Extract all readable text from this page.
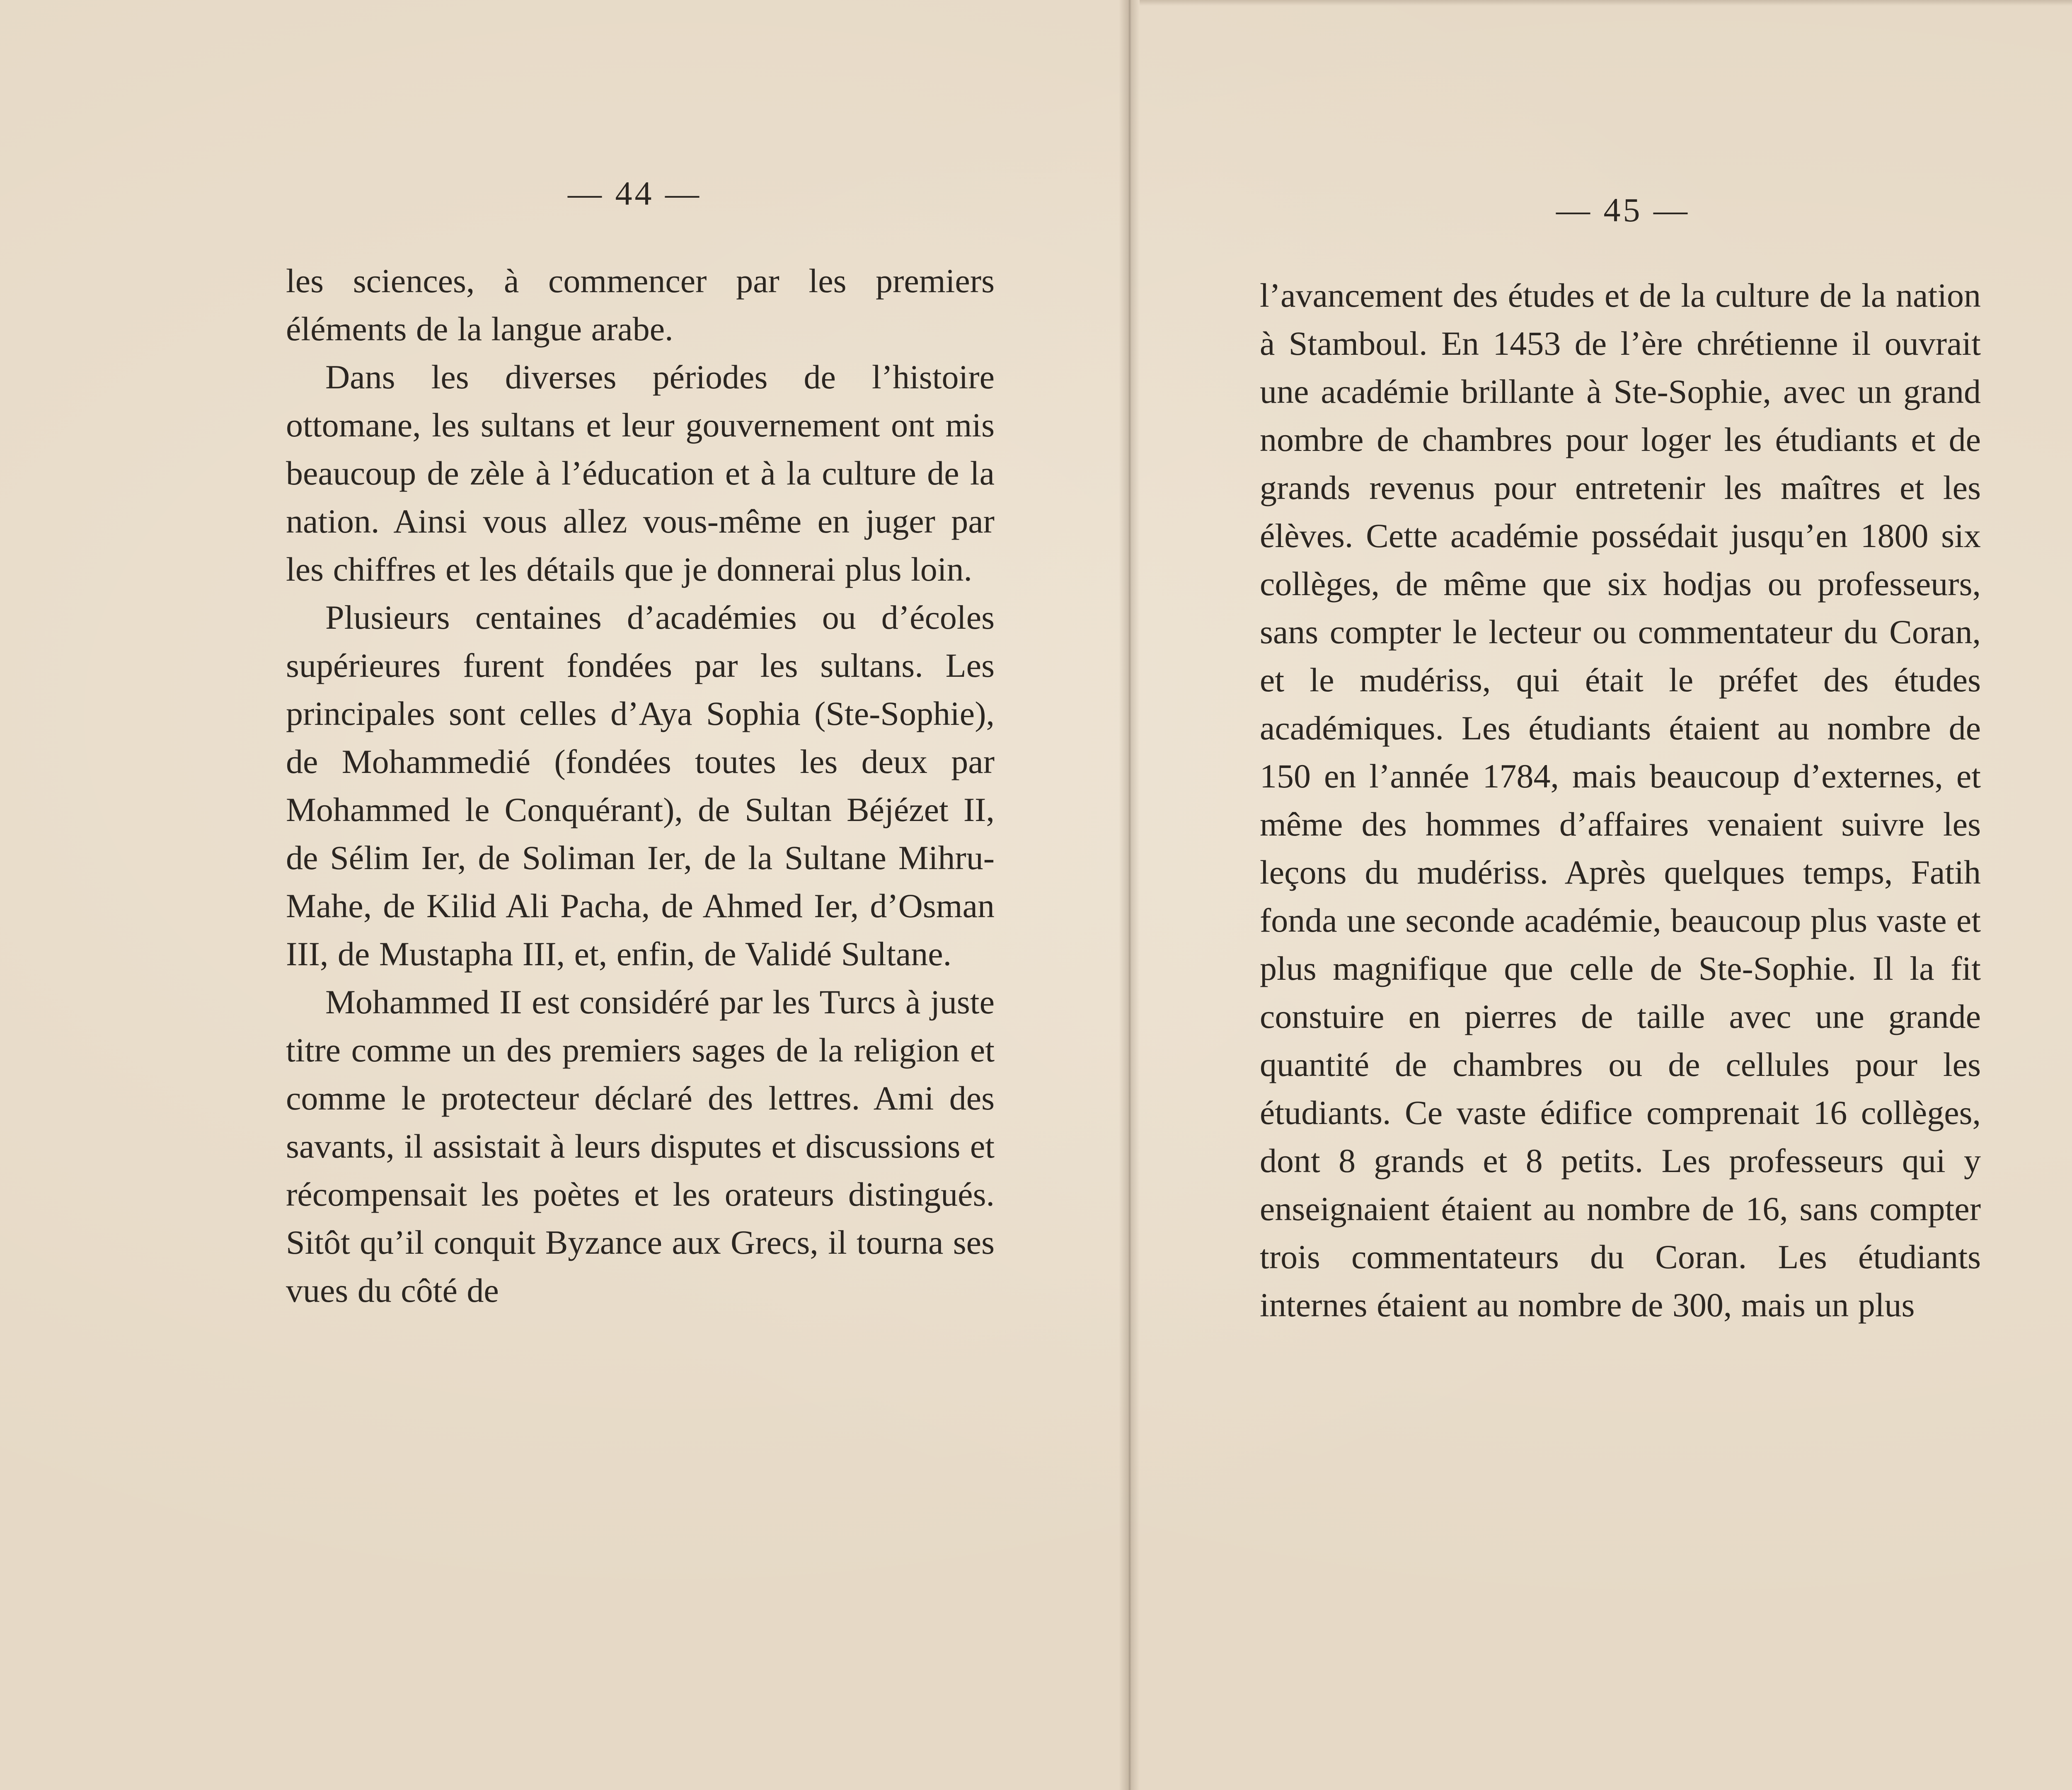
— 44 —

les sciences, à commencer par les premiers éléments de la langue arabe.

Dans les diverses périodes de l’histoire ottomane, les sultans et leur gouvernement ont mis beaucoup de zèle à l’éducation et à la culture de la nation. Ainsi vous allez vous-même en juger par les chiffres et les détails que je donnerai plus loin.

Plusieurs centaines d’académies ou d’écoles supérieures furent fondées par les sultans. Les principales sont celles d’Aya Sophia (Ste-Sophie), de Mohammedié (fondées toutes les deux par Mohammed le Conquérant), de Sultan Béjézet II, de Sélim Ier, de Soliman Ier, de la Sultane Mihru-Mahe, de Kilid Ali Pacha, de Ahmed Ier, d’Osman III, de Mustapha III, et, enfin, de Validé Sultane.

Mohammed II est considéré par les Turcs à juste titre comme un des premiers sages de la religion et comme le protecteur déclaré des lettres. Ami des savants, il assistait à leurs disputes et discussions et récompensait les poètes et les orateurs distingués. Sitôt qu’il conquit Byzance aux Grecs, il tourna ses vues du côté de

— 45 —

l’avancement des études et de la culture de la nation à Stamboul. En 1453 de l’ère chrétienne il ouvrait une académie brillante à Ste-Sophie, avec un grand nombre de chambres pour loger les étudiants et de grands revenus pour entretenir les maîtres et les élèves. Cette académie possédait jusqu’en 1800 six collèges, de même que six hodjas ou professeurs, sans compter le lecteur ou commentateur du Coran, et le mudériss, qui était le préfet des études académiques. Les étudiants étaient au nombre de 150 en l’année 1784, mais beaucoup d’externes, et même des hommes d’affaires venaient suivre les leçons du mudériss. Après quelques temps, Fatih fonda une seconde académie, beaucoup plus vaste et plus magnifique que celle de Ste-Sophie. Il la fit constuire en pierres de taille avec une grande quantité de chambres ou de cellules pour les étudiants. Ce vaste édifice comprenait 16 collèges, dont 8 grands et 8 petits. Les professeurs qui y enseignaient étaient au nombre de 16, sans compter trois commentateurs du Coran. Les étudiants internes étaient au nombre de 300, mais un plus
